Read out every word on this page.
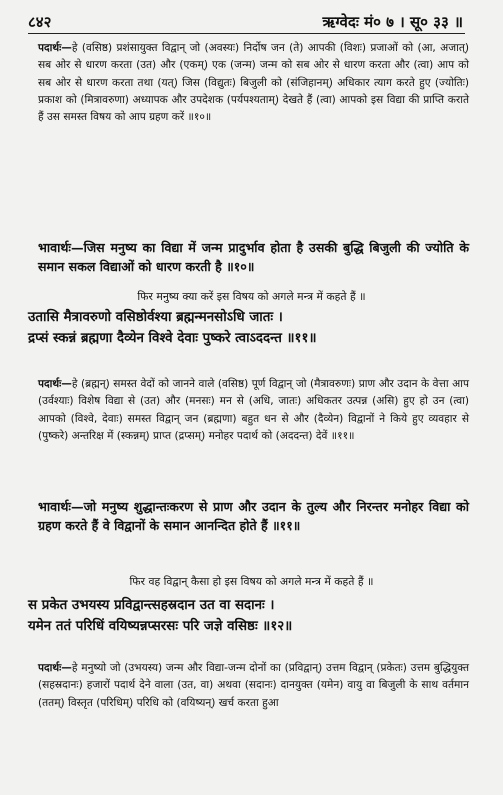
८४२	ऋग्वेदः मं० ७ । सू० ३३ ॥
पदार्थः—हे (वसिष्ठ) प्रशंसायुक्त विद्वान् जो (अवस्यः) निर्दोष जन (ते) आपकी (विशः) प्रजाओं को (आ, अजात्) सब ओर से धारण करता (उत) और (एकम्) एक (जन्म) जन्म को सब ओर से धारण करता और (त्वा) आप को सब ओर से धारण करता तथा (यत्) जिस (विद्युतः) बिजुली को (संजिहानम्) अधिकार त्याग करते हुए (ज्योतिः) प्रकाश को (मित्रावरुणा) अध्यापक और उपदेशक (पर्यपश्यताम्) देखते हैं (त्वा) आपको इस विद्या की प्राप्ति कराते हैं उस समस्त विषय को आप ग्रहण करें ॥१०॥
भावार्थः—जिस मनुष्य का विद्या में जन्म प्रादुर्भाव होता है उसकी बुद्धि बिजुली की ज्योति के समान सकल विद्याओं को धारण करती है ॥१०॥
फिर मनुष्य क्या करें इस विषय को अगले मन्त्र में कहते हैं ॥
उतासि मैत्रावरुणो वसिष्ठोर्वश्या ब्रह्मन्मनसोऽधि जातः ।
द्रप्सं स्कन्नं ब्रह्मणा दैव्येन विश्वे देवाः पुष्करे त्वाऽददन्त ॥११॥
पदार्थः—हे (ब्रह्मन्) समस्त वेदों को जानने वाले (वसिष्ठ) पूर्ण विद्वान् जो (मैत्रावरुणः) प्राण और उदान के वेत्ता आप (उर्वश्याः) विशेष विद्या से (उत) और (मनसः) मन से (अधि, जातः) अधिकतर उत्पन्न (असि) हुए हो उन (त्वा) आपको (विश्वे, देवाः) समस्त विद्वान् जन (ब्रह्मणा) बहुत धन से और (दैव्येन) विद्वानों ने किये हुए व्यवहार से (पुष्करे) अन्तरिक्ष में (स्कन्नम्) प्राप्त (द्रप्सम्) मनोहर पदार्थ को (अददन्त) देवें ॥११॥
भावार्थः—जो मनुष्य शुद्धान्तःकरण से प्राण और उदान के तुल्य और निरन्तर मनोहर विद्या को ग्रहण करते हैं वे विद्वानों के समान आनन्दित होते हैं ॥११॥
फिर वह विद्वान् कैसा हो इस विषय को अगले मन्त्र में कहते हैं ॥
स प्रकेत उभयस्य प्रविद्वान्त्सहस्रदान उत वा सदानः ।
यमेन ततं परिधिं वयिष्यन्नप्सरसः परि जज्ञे वसिष्ठः ॥१२॥
पदार्थः—हे मनुष्यो जो (उभयस्य) जन्म और विद्या-जन्म दोनों का (प्रविद्वान्) उत्तम विद्वान् (प्रकेतः) उत्तम बुद्धियुक्त (सहस्रदानः) हजारों पदार्थ देने वाला (उत, वा) अथवा (सदानः) दानयुक्त (यमेन) वायु वा बिजुली के साथ वर्तमान (ततम्) विस्तृत (परिधिम्) परिधि को (वयिष्यन्) खर्च करता हुआ
